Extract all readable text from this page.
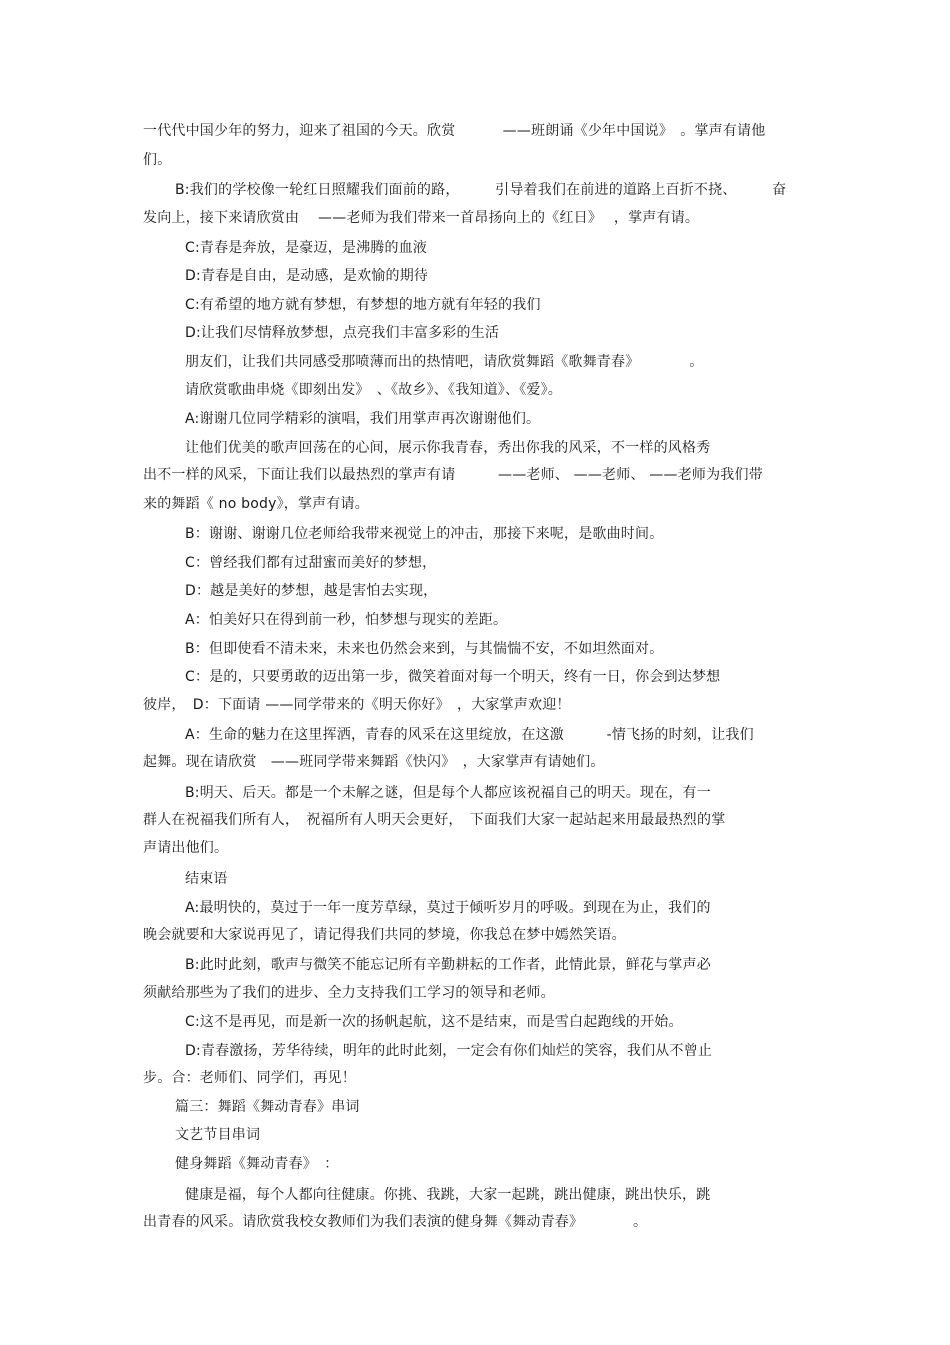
一代代中国少年的努力，迎来了祖国的今天。欣赏 　　　——班朗诵《少年中国说》　。掌声有请他
们。
B:我们的学校像一轮红日照耀我们面前的路，　　　引导着我们在前进的道路上百折不挠、　　　奋
发向上，接下来请欣赏由　 ——老师为我们带来一首昂扬向上的《红日》　 ，掌声有请。
C:青春是奔放，是豪迈，是沸腾的血液
D:青春是自由，是动感，是欢愉的期待
C:有希望的地方就有梦想，有梦想的地方就有年轻的我们
D:让我们尽情释放梦想，点亮我们丰富多彩的生活
朋友们，让我们共同感受那喷薄而出的热情吧，请欣赏舞蹈《歌舞青春》　　　　。
请欣赏歌曲串烧《即刻出发》　、《故乡》、《我知道》、《爱》。
A:谢谢几位同学精彩的演唱，我们用掌声再次谢谢他们。
让他们优美的歌声回荡在的心间，展示你我青春，秀出你我的风采，不一样的风格秀
出不一样的风采，下面让我们以最热烈的掌声有请　　　——老师、 ——老师、 ——老师为我们带
来的舞蹈《 no body》，掌声有请。
B：谢谢、谢谢几位老师给我带来视觉上的冲击，那接下来呢，是歌曲时间。
C：曾经我们都有过甜蜜而美好的梦想，
D：越是美好的梦想，越是害怕去实现，
A：怕美好只在得到前一秒，怕梦想与现实的差距。
B：但即使看不清未来，未来也仍然会来到，与其惴惴不安，不如坦然面对。
C：是的，只要勇敢的迈出第一步，微笑着面对每一个明天，终有一日，你会到达梦想
彼岸，　D：下面请 ——同学带来的《明天你好》　，大家掌声欢迎！
A：生命的魅力在这里挥洒，青春的风采在这里绽放，在这激　　　-情飞扬的时刻，让我们
起舞。现在请欣赏　——班同学带来舞蹈《快闪》　，大家掌声有请她们。
B:明天、后天。都是一个未解之谜，但是每个人都应该祝福自己的明天。现在，有一
群人在祝福我们所有人，　祝福所有人明天会更好，　下面我们大家一起站起来用最最热烈的掌
声请出他们。
结束语
A:最明快的，莫过于一年一度芳草绿，莫过于倾听岁月的呼吸。到现在为止，我们的
晚会就要和大家说再见了，请记得我们共同的梦境，你我总在梦中嫣然笑语。
B:此时此刻，歌声与微笑不能忘记所有辛勤耕耘的工作者，此情此景，鲜花与掌声必
须献给那些为了我们的进步、全力支持我们工学习的领导和老师。
C:这不是再见，而是新一次的扬帆起航，这不是结束，而是雪白起跑线的开始。
D:青春激扬，芳华待续，明年的此时此刻，一定会有你们灿烂的笑容，我们从不曾止
步。合：老师们、同学们，再见！
篇三：舞蹈《舞动青春》串词
文艺节目串词
健身舞蹈《舞动青春》　：
健康是福，每个人都向往健康。你挑、我跳，大家一起跳，跳出健康，跳出快乐，跳
出青春的风采。请欣赏我校女教师们为我们表演的健身舞《舞动青春》　　　　。
